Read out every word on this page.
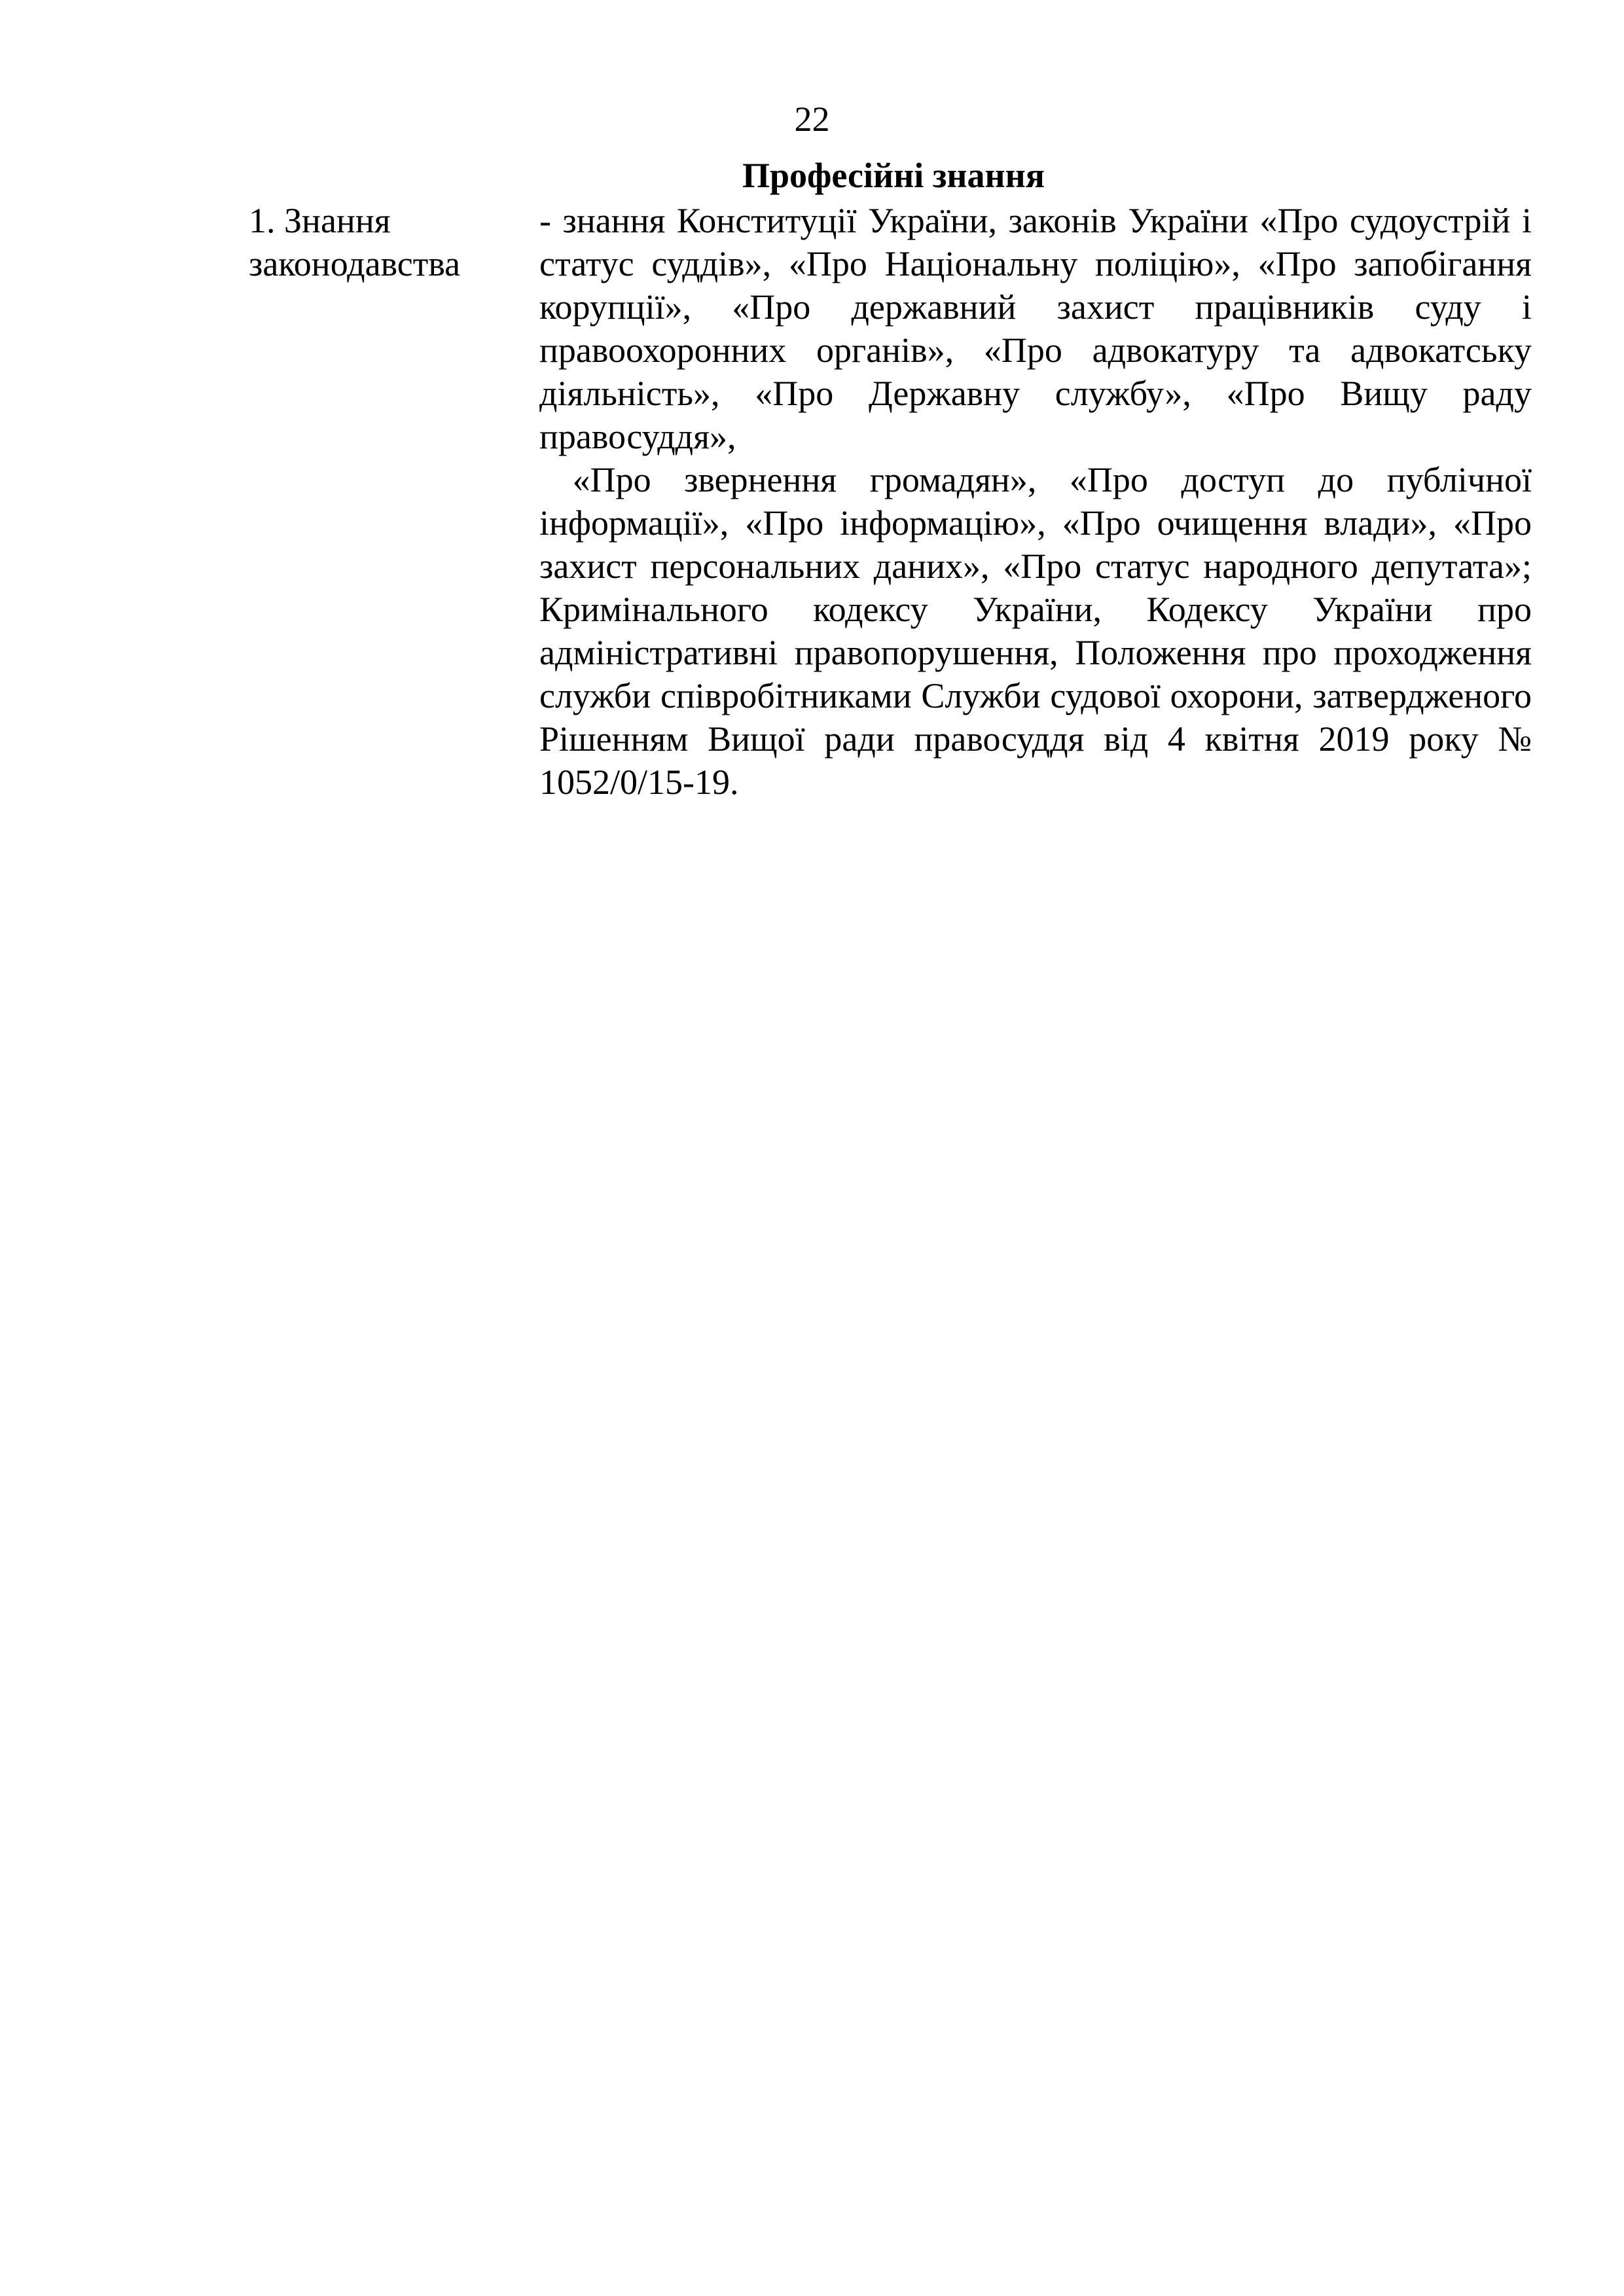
22
Професійні знання
1. Знання
законодавства

- знання Конституції України, законів України «Про судоустрій і статус суддів», «Про Національну поліцію», «Про запобігання корупції», «Про державний захист працівників суду і правоохоронних органів», «Про адвокатуру та адвокатську діяльність», «Про Державну службу», «Про Вищу раду правосуддя»,

«Про звернення громадян», «Про доступ до публічної інформації», «Про інформацію», «Про очищення влади», «Про захист персональних даних», «Про статус народного депутата»; Кримінального кодексу України, Кодексу України про адміністративні правопорушення, Положення про проходження служби співробітниками Служби судової охорони, затвердженого Рішенням Вищої ради правосуддя від 4 квітня 2019 року № 1052/0/15-19.
